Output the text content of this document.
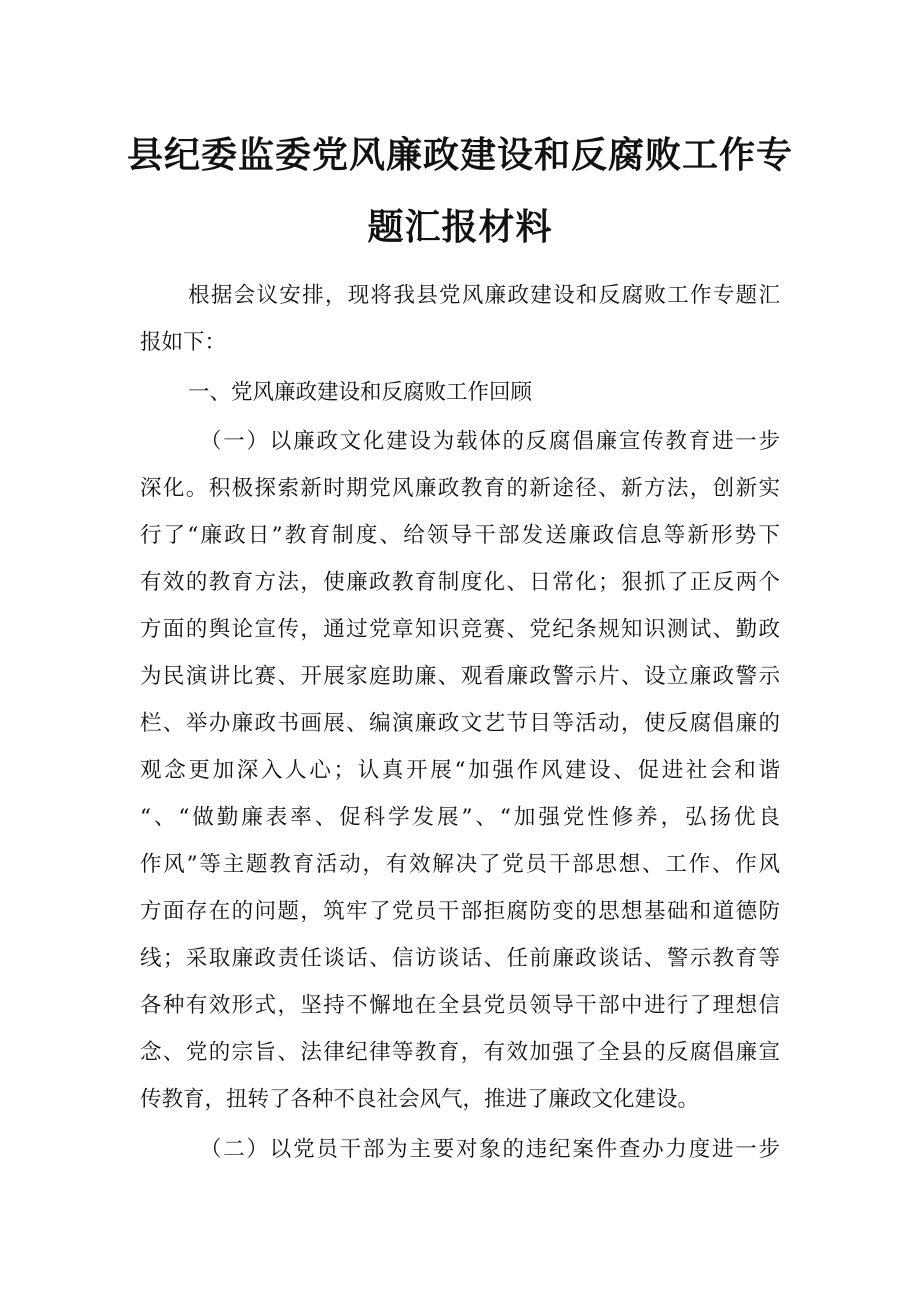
县纪委监委党风廉政建设和反腐败工作专
题汇报材料
根据会议安排，现将我县党风廉政建设和反腐败工作专题汇
报如下：
一、党风廉政建设和反腐败工作回顾
（一）以廉政文化建设为载体的反腐倡廉宣传教育进一步
深化。积极探索新时期党风廉政教育的新途径、新方法，创新实
行了“廉政日”教育制度、给领导干部发送廉政信息等新形势下
有效的教育方法，使廉政教育制度化、日常化；狠抓了正反两个
方面的舆论宣传，通过党章知识竞赛、党纪条规知识测试、勤政
为民演讲比赛、开展家庭助廉、观看廉政警示片、设立廉政警示
栏、举办廉政书画展、编演廉政文艺节目等活动，使反腐倡廉的
观念更加深入人心；认真开展“加强作风建设、促进社会和谐
“、“做勤廉表率、促科学发展”、“加强党性修养，弘扬优良
作风”等主题教育活动，有效解决了党员干部思想、工作、作风
方面存在的问题，筑牢了党员干部拒腐防变的思想基础和道德防
线；采取廉政责任谈话、信访谈话、任前廉政谈话、警示教育等
各种有效形式，坚持不懈地在全县党员领导干部中进行了理想信
念、党的宗旨、法律纪律等教育，有效加强了全县的反腐倡廉宣
传教育，扭转了各种不良社会风气，推进了廉政文化建设。
（二）以党员干部为主要对象的违纪案件查办力度进一步
